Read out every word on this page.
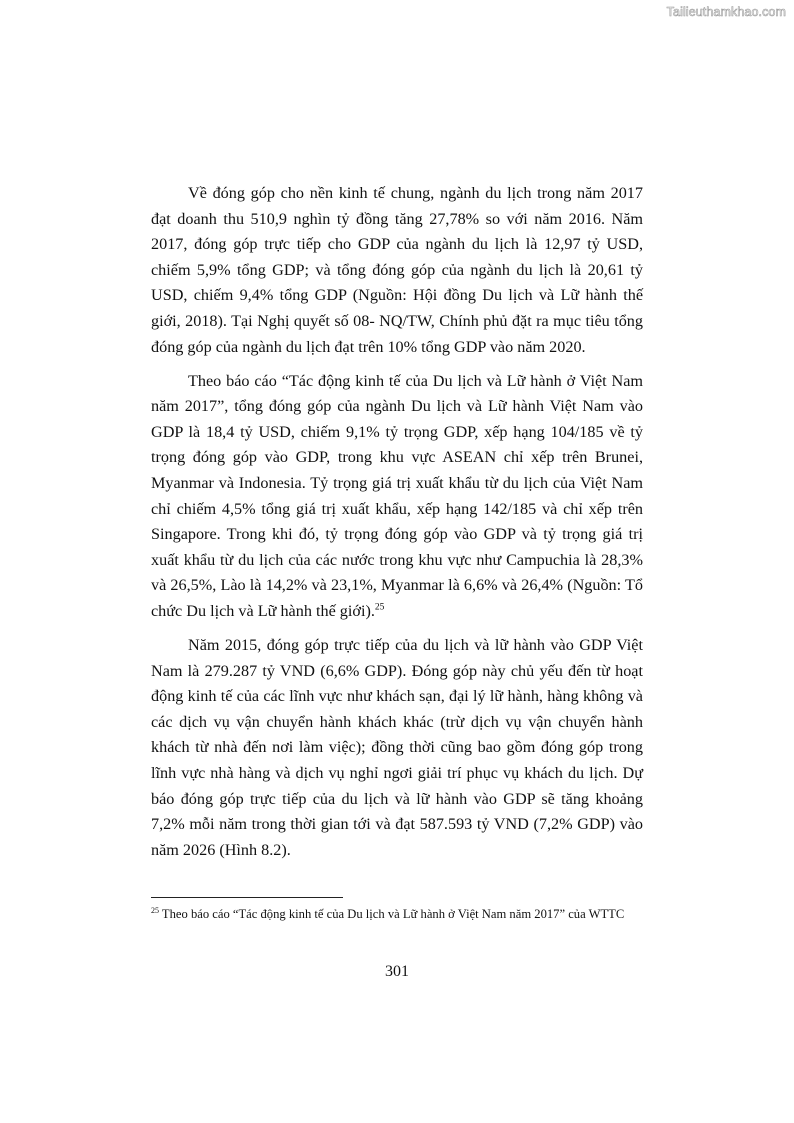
Tailieuthamkhao.com

Về đóng góp cho nền kinh tế chung, ngành du lịch trong năm 2017 đạt doanh thu 510,9 nghìn tỷ đồng tăng 27,78% so với năm 2016. Năm 2017, đóng góp trực tiếp cho GDP của ngành du lịch là 12,97 tỷ USD, chiếm 5,9% tổng GDP; và tổng đóng góp của ngành du lịch là 20,61 tỷ USD, chiếm 9,4% tổng GDP (Nguồn: Hội đồng Du lịch và Lữ hành thế giới, 2018). Tại Nghị quyết số 08- NQ/TW, Chính phủ đặt ra mục tiêu tổng đóng góp của ngành du lịch đạt trên 10% tổng GDP vào năm 2020.

Theo báo cáo “Tác động kinh tế của Du lịch và Lữ hành ở Việt Nam năm 2017”, tổng đóng góp của ngành Du lịch và Lữ hành Việt Nam vào GDP là 18,4 tỷ USD, chiếm 9,1% tỷ trọng GDP, xếp hạng 104/185 về tỷ trọng đóng góp vào GDP, trong khu vực ASEAN chỉ xếp trên Brunei, Myanmar và Indonesia. Tỷ trọng giá trị xuất khẩu từ du lịch của Việt Nam chỉ chiếm 4,5% tổng giá trị xuất khẩu, xếp hạng 142/185 và chỉ xếp trên Singapore. Trong khi đó, tỷ trọng đóng góp vào GDP và tỷ trọng giá trị xuất khẩu từ du lịch của các nước trong khu vực như Campuchia là 28,3% và 26,5%, Lào là 14,2% và 23,1%, Myanmar là 6,6% và 26,4% (Nguồn: Tổ chức Du lịch và Lữ hành thế giới).$^{25}$

Năm 2015, đóng góp trực tiếp của du lịch và lữ hành vào GDP Việt Nam là 279.287 tỷ VND (6,6% GDP). Đóng góp này chủ yếu đến từ hoạt động kinh tế của các lĩnh vực như khách sạn, đại lý lữ hành, hàng không và các dịch vụ vận chuyển hành khách khác (trừ dịch vụ vận chuyển hành khách từ nhà đến nơi làm việc); đồng thời cũng bao gồm đóng góp trong lĩnh vực nhà hàng và dịch vụ nghỉ ngơi giải trí phục vụ khách du lịch. Dự báo đóng góp trực tiếp của du lịch và lữ hành vào GDP sẽ tăng khoảng 7,2% mỗi năm trong thời gian tới và đạt 587.593 tỷ VND (7,2% GDP) vào năm 2026 (Hình 8.2).

$^{25}$ Theo báo cáo “Tác động kinh tế của Du lịch và Lữ hành ở Việt Nam năm 2017” của WTTC

301
